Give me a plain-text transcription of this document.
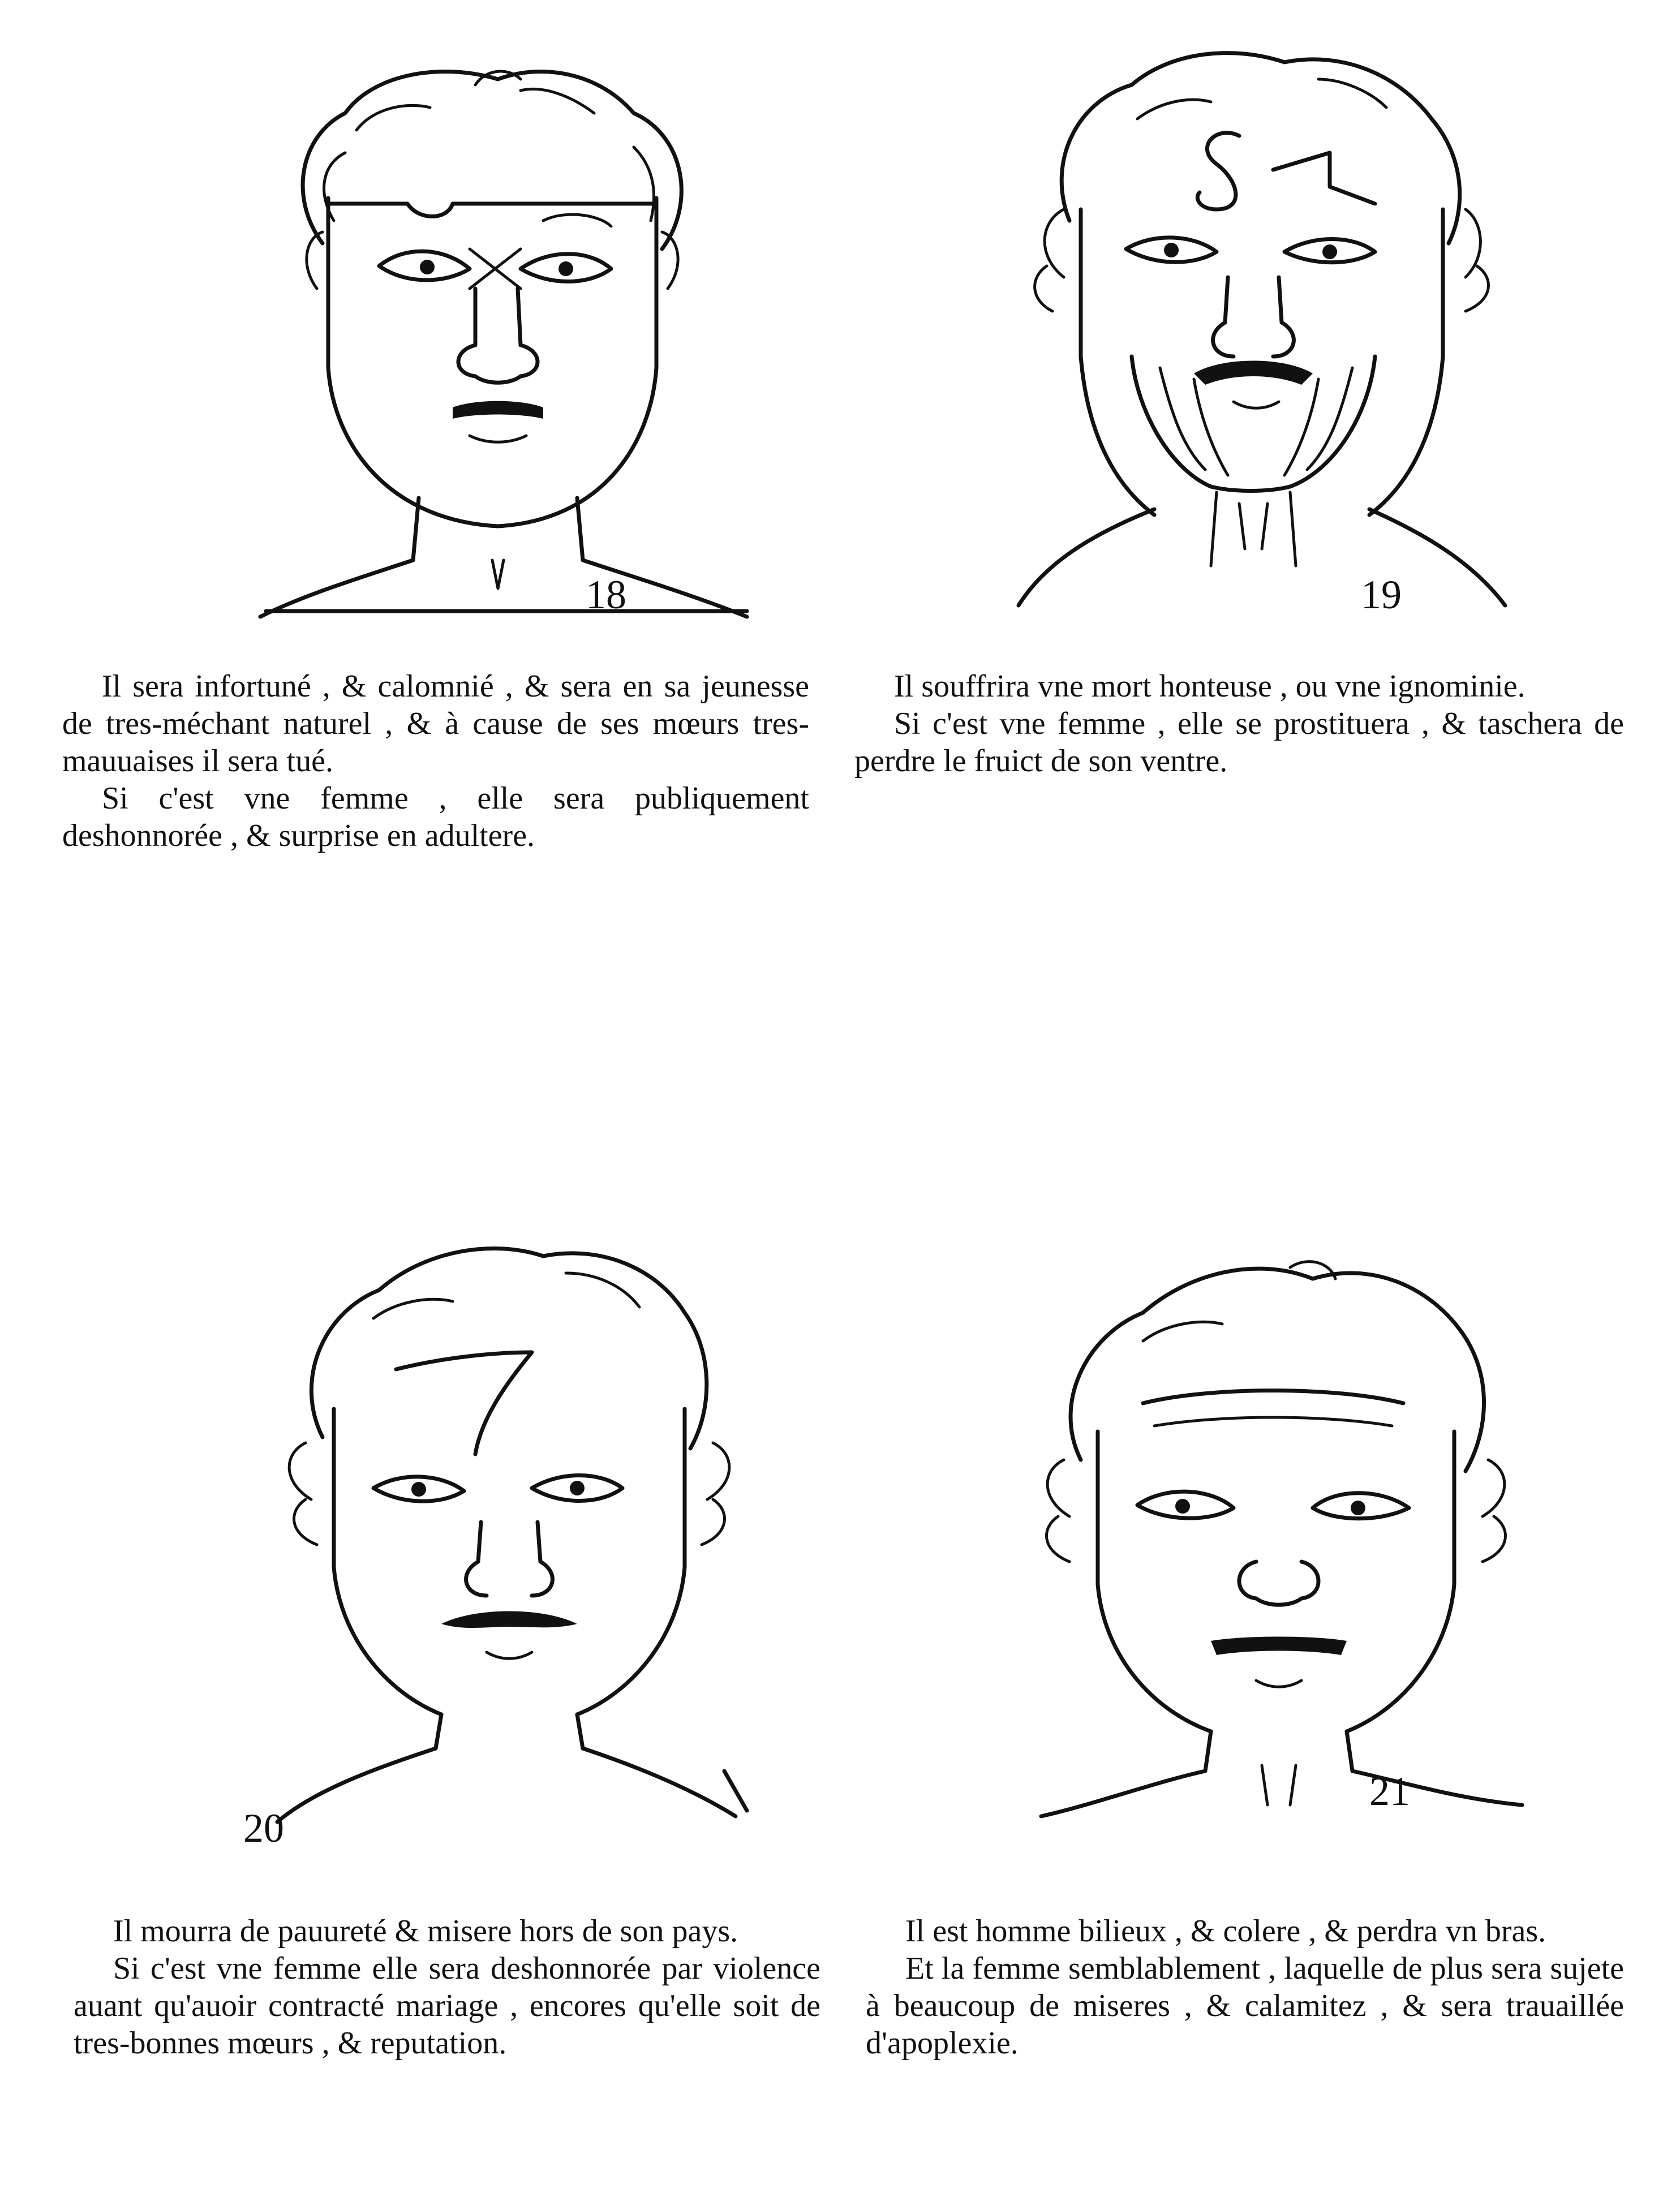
18	19

Il sera infortuné , & calomnié , & sera en sa jeunesse de tres-méchant naturel , & à cause de ses mœurs tres-mauuaises il sera tué.

Si c'est vne femme , elle sera publiquement deshonnorée , & surprise en adultere.

Il souffrira vne mort honteuse , ou vne ignominie.

Si c'est vne femme , elle se prostituera , & taschera de perdre le fruict de son ventre.

20
21

Il mourra de pauureté & misere hors de son pays.

Si c'est vne femme elle sera deshonnorée par violence auant qu'auoir contracté mariage , encores qu'elle soit de tres-bonnes mœurs , & reputation.

Il est homme bilieux , & colere , & perdra vn bras.

Et la femme semblablement , laquelle de plus sera sujete à beaucoup de miseres , & calamitez , & sera trauaillée d'apoplexie.
